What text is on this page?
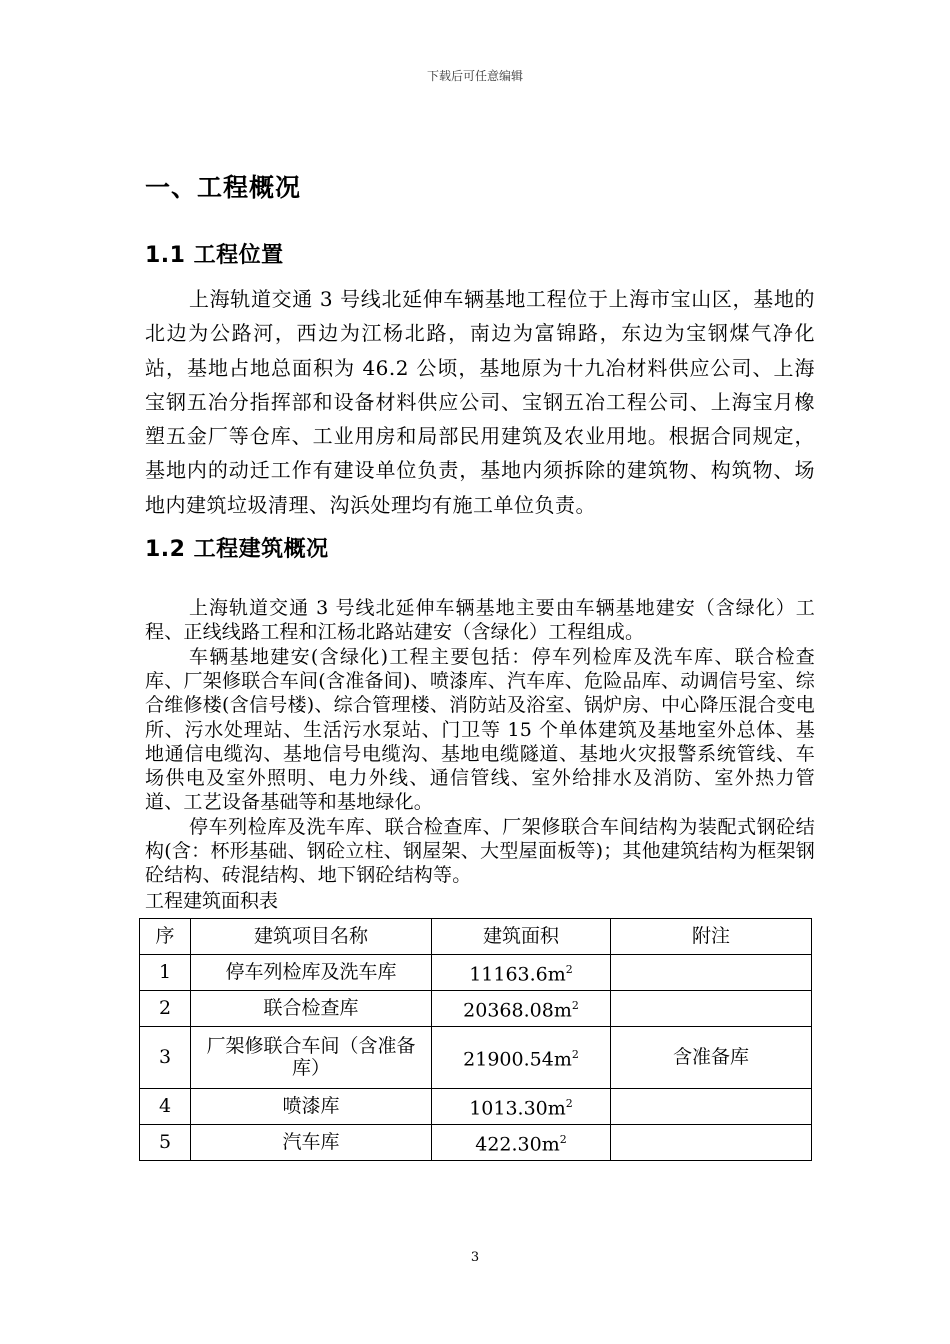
下载后可任意编辑
一、工程概况
1.1 工程位置

上海轨道交通 3 号线北延伸车辆基地工程位于上海市宝山区，基地的北边为公路河，西边为江杨北路，南边为富锦路，东边为宝钢煤气净化站，基地占地总面积为 46.2 公顷，基地原为十九冶材料供应公司、上海宝钢五冶分指挥部和设备材料供应公司、宝钢五冶工程公司、上海宝月橡塑五金厂等仓库、工业用房和局部民用建筑及农业用地。根据合同规定，基地内的动迁工作有建设单位负责，基地内须拆除的建筑物、构筑物、场地内建筑垃圾清理、沟浜处理均有施工单位负责。

1.2 工程建筑概况

上海轨道交通 3 号线北延伸车辆基地主要由车辆基地建安（含绿化）工程、正线线路工程和江杨北路站建安（含绿化）工程组成。

车辆基地建安(含绿化)工程主要包括：停车列检库及洗车库、联合检查库、厂架修联合车间(含准备间)、喷漆库、汽车库、危险品库、动调信号室、综合维修楼(含信号楼)、综合管理楼、消防站及浴室、锅炉房、中心降压混合变电所、污水处理站、生活污水泵站、门卫等 15 个单体建筑及基地室外总体、基地通信电缆沟、基地信号电缆沟、基地电缆隧道、基地火灾报警系统管线、车场供电及室外照明、电力外线、通信管线、室外给排水及消防、室外热力管道、工艺设备基础等和基地绿化。

停车列检库及洗车库、联合检查库、厂架修联合车间结构为装配式钢砼结构(含：杯形基础、钢砼立柱、钢屋架、大型屋面板等)；其他建筑结构为框架钢砼结构、砖混结构、地下钢砼结构等。

工程建筑面积表

序	建筑项目名称	建筑面积	附注
1	停车列检库及洗车库	$11163.6m^2$	
2	联合检查库	$20368.08m^2$	
3	厂架修联合车间（含准备库）	$21900.54m^2$	含准备库
4	喷漆库	$1013.30m^2$	
5	汽车库	$422.30m^2$	
3
